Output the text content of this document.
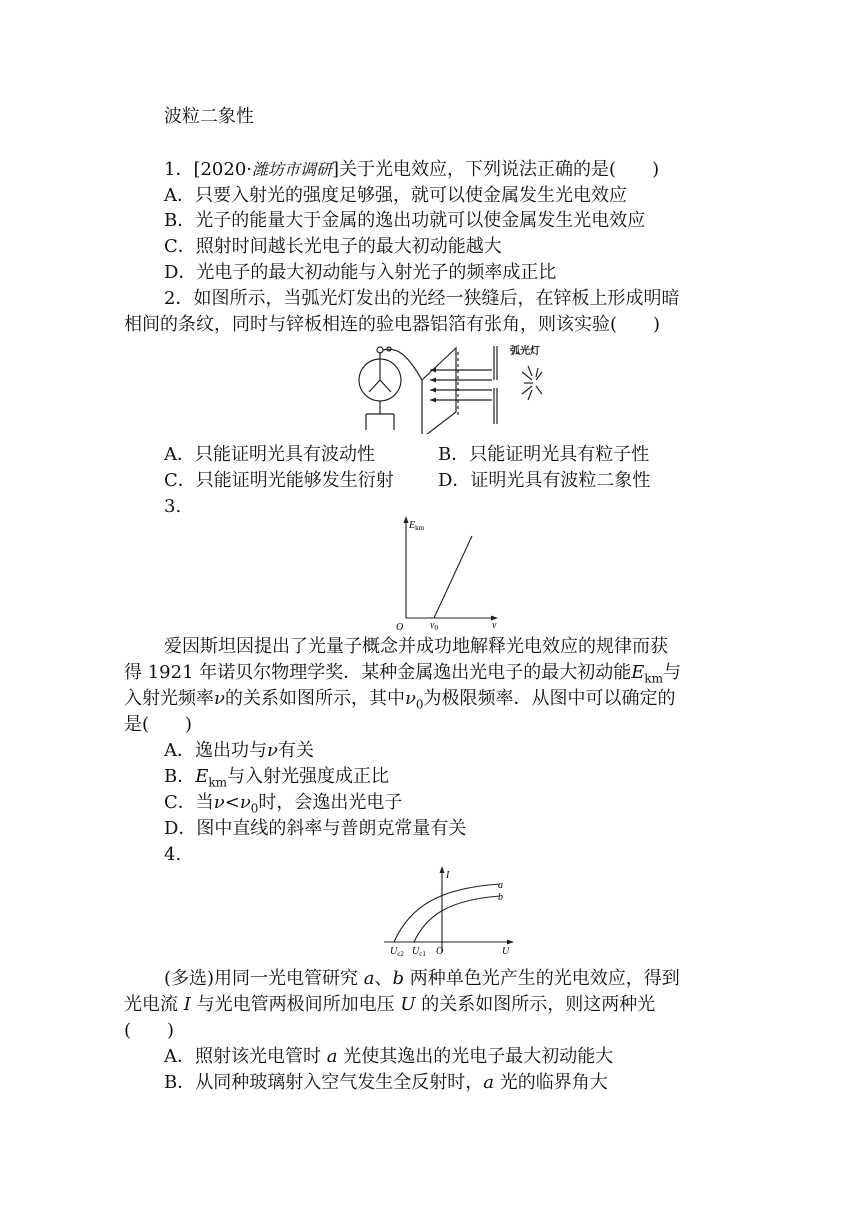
波粒二象性
1．[2020·潍坊市调研]关于光电效应，下列说法正确的是(　　)
A．只要入射光的强度足够强，就可以使金属发生光电效应
B．光子的能量大于金属的逸出功就可以使金属发生光电效应
C．照射时间越长光电子的最大初动能越大
D．光电子的最大初动能与入射光子的频率成正比
2．如图所示，当弧光灯发出的光经一狭缝后，在锌板上形成明暗
相间的条纹，同时与锌板相连的验电器铝箔有张角，则该实验(　　)
弧光灯
A．只能证明光具有波动性	B．只能证明光具有粒子性
C．只能证明光能够发生衍射 D．证明光具有波粒二象性
3.
$E_{km}$
O	$\nu_0$	ν
爱因斯坦因提出了光量子概念并成功地解释光电效应的规律而获
得 1921 年诺贝尔物理学奖．某种金属逸出光电子的最大初动能$E_{km}$与
入射光频率ν的关系如图所示，其中$\nu_0$为极限频率．从图中可以确定的
是(　　)
A．逸出功与ν有关
B．$E_{km}$与入射光强度成正比
C．当$\nu<\nu_0$时，会逸出光电子
D．图中直线的斜率与普朗克常量有关
4.
I
a
b
O	U
$U_{c2}$ $U_{c1}$
(多选)用同一光电管研究 a、b 两种单色光产生的光电效应，得到
光电流 I 与光电管两极间所加电压 U 的关系如图所示，则这两种光
(　　)
A．照射该光电管时 a 光使其逸出的光电子最大初动能大
B．从同种玻璃射入空气发生全反射时，a 光的临界角大
